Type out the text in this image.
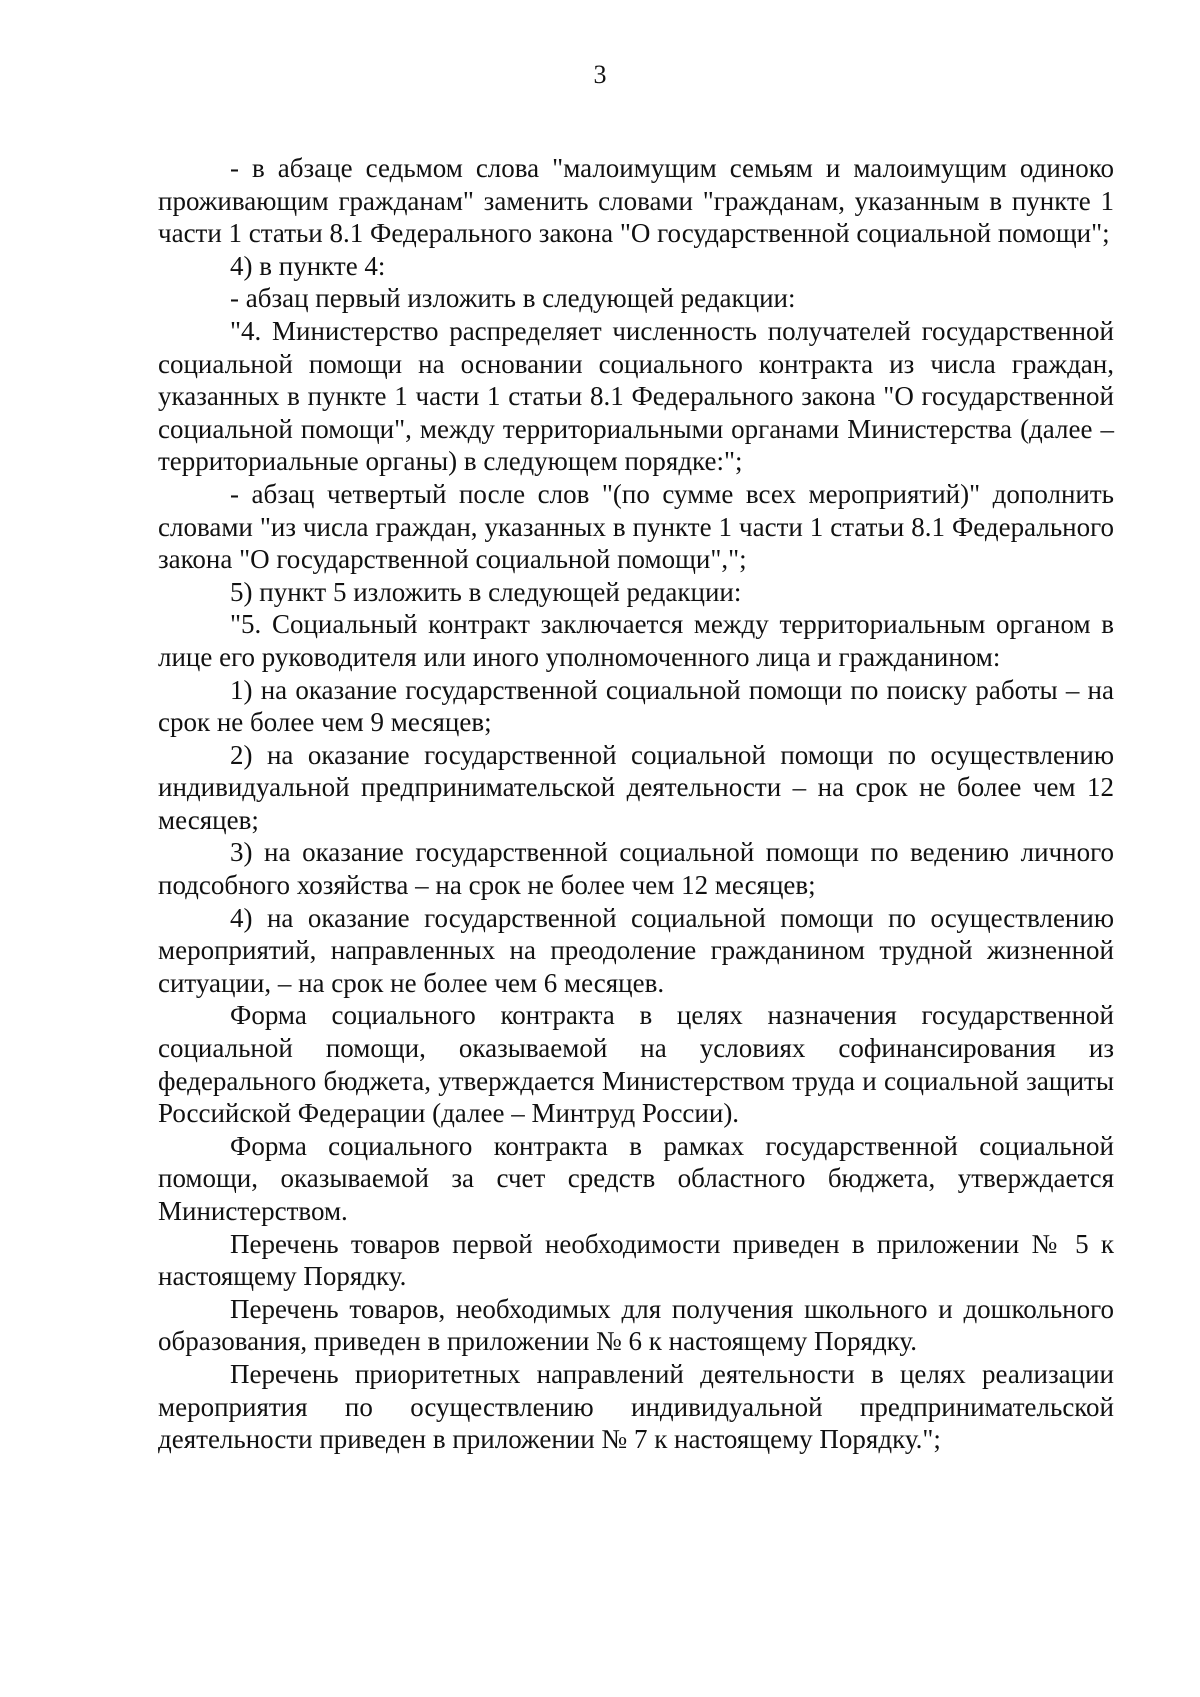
3

- в абзаце седьмом слова "малоимущим семьям и малоимущим одиноко проживающим гражданам" заменить словами "гражданам, указанным в пункте 1 части 1 статьи 8.1 Федерального закона "О государственной социальной помощи";

4) в пункте 4:

- абзац первый изложить в следующей редакции:

"4. Министерство распределяет численность получателей государственной социальной помощи на основании социального контракта из числа граждан, указанных в пункте 1 части 1 статьи 8.1 Федерального закона "О государственной социальной помощи", между территориальными органами Министерства (далее – территориальные органы) в следующем порядке:";

- абзац четвертый после слов "(по сумме всех мероприятий)" дополнить словами "из числа граждан, указанных в пункте 1 части 1 статьи 8.1 Федерального закона "О государственной социальной помощи",";

5) пункт 5 изложить в следующей редакции:

"5. Социальный контракт заключается между территориальным органом в лице его руководителя или иного уполномоченного лица и гражданином:

1) на оказание государственной социальной помощи по поиску работы – на срок не более чем 9 месяцев;

2) на оказание государственной социальной помощи по осуществлению индивидуальной предпринимательской деятельности – на срок не более чем 12 месяцев;

3) на оказание государственной социальной помощи по ведению личного подсобного хозяйства – на срок не более чем 12 месяцев;

4) на оказание государственной социальной помощи по осуществлению мероприятий, направленных на преодоление гражданином трудной жизненной ситуации, – на срок не более чем 6 месяцев.

Форма социального контракта в целях назначения государственной социальной помощи, оказываемой на условиях софинансирования из федерального бюджета, утверждается Министерством труда и социальной защиты Российской Федерации (далее – Минтруд России).

Форма социального контракта в рамках государственной социальной помощи, оказываемой за счет средств областного бюджета, утверждается Министерством.

Перечень товаров первой необходимости приведен в приложении № 5 к настоящему Порядку.

Перечень товаров, необходимых для получения школьного и дошкольного образования, приведен в приложении № 6 к настоящему Порядку.

Перечень приоритетных направлений деятельности в целях реализации мероприятия по осуществлению индивидуальной предпринимательской деятельности приведен в приложении № 7 к настоящему Порядку.";
